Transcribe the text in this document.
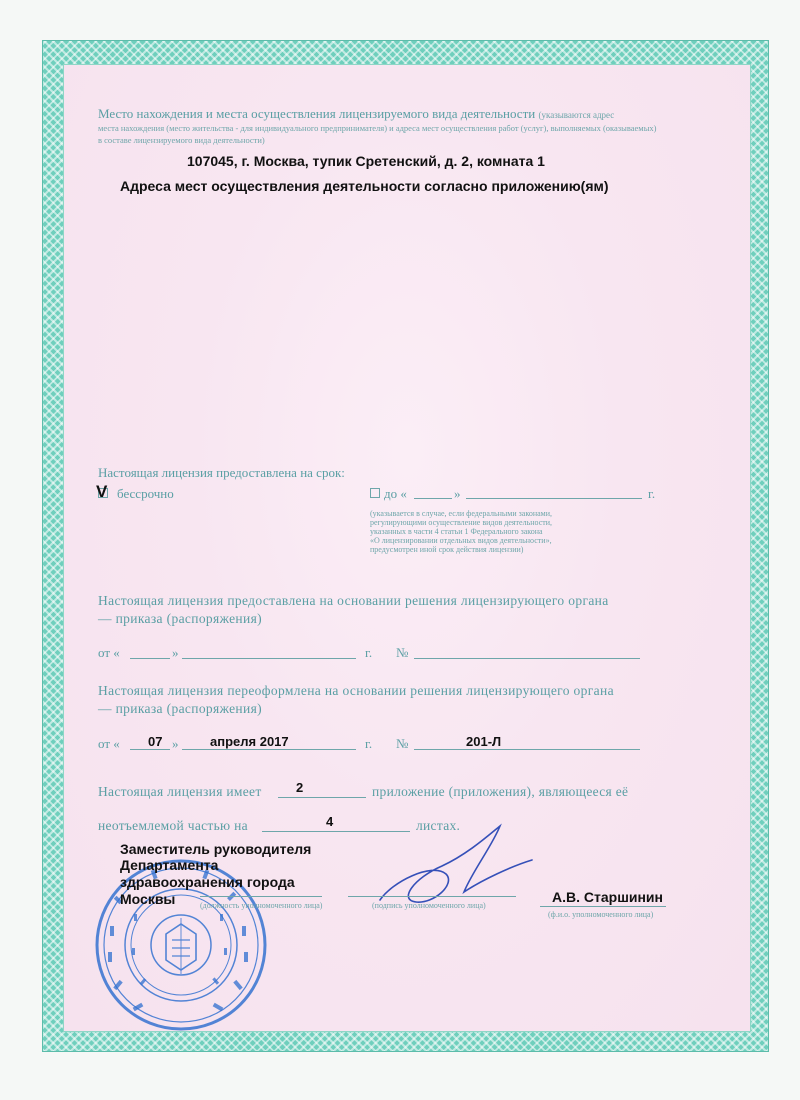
Место нахождения и места осуществления лицензируемого вида деятельности (указываются адрес

места нахождения (место жительства - для индивидуального предпринимателя) и адреса мест осуществления работ (услуг), выполняемых (оказываемых)

в составе лицензируемого вида деятельности)

107045, г. Москва, тупик Сретенский, д. 2, комната 1

Адреса мест осуществления деятельности согласно приложению(ям)

Настоящая лицензия предоставлена на срок:

V бессрочно	до «	»	г.

(указывается в случае, если федеральными законами,

регулирующими осуществление видов деятельности,

указанных в части 4 статьи 1 Федерального закона

«О лицензировании отдельных видов деятельности»,

предусмотрен иной срок действия лицензии)

Настоящая лицензия предоставлена на основании решения лицензирующего органа

— приказа (распоряжения)

от «	»	г. №

Настоящая лицензия переоформлена на основании решения лицензирующего органа

— приказа (распоряжения)

от « 07 » апреля 2017	г. №	201-Л
Настоящая лицензия имеет	2	приложение (приложения), являющееся её
неотъемлемой частью на	4	листах.

Заместитель руководителя

Департамента

здравоохранения города

Москвы	(должность уполномоченного лица)	(подпись уполномоченного лица)

А.В. Старшинин

(ф.и.о. уполномоченного лица)
